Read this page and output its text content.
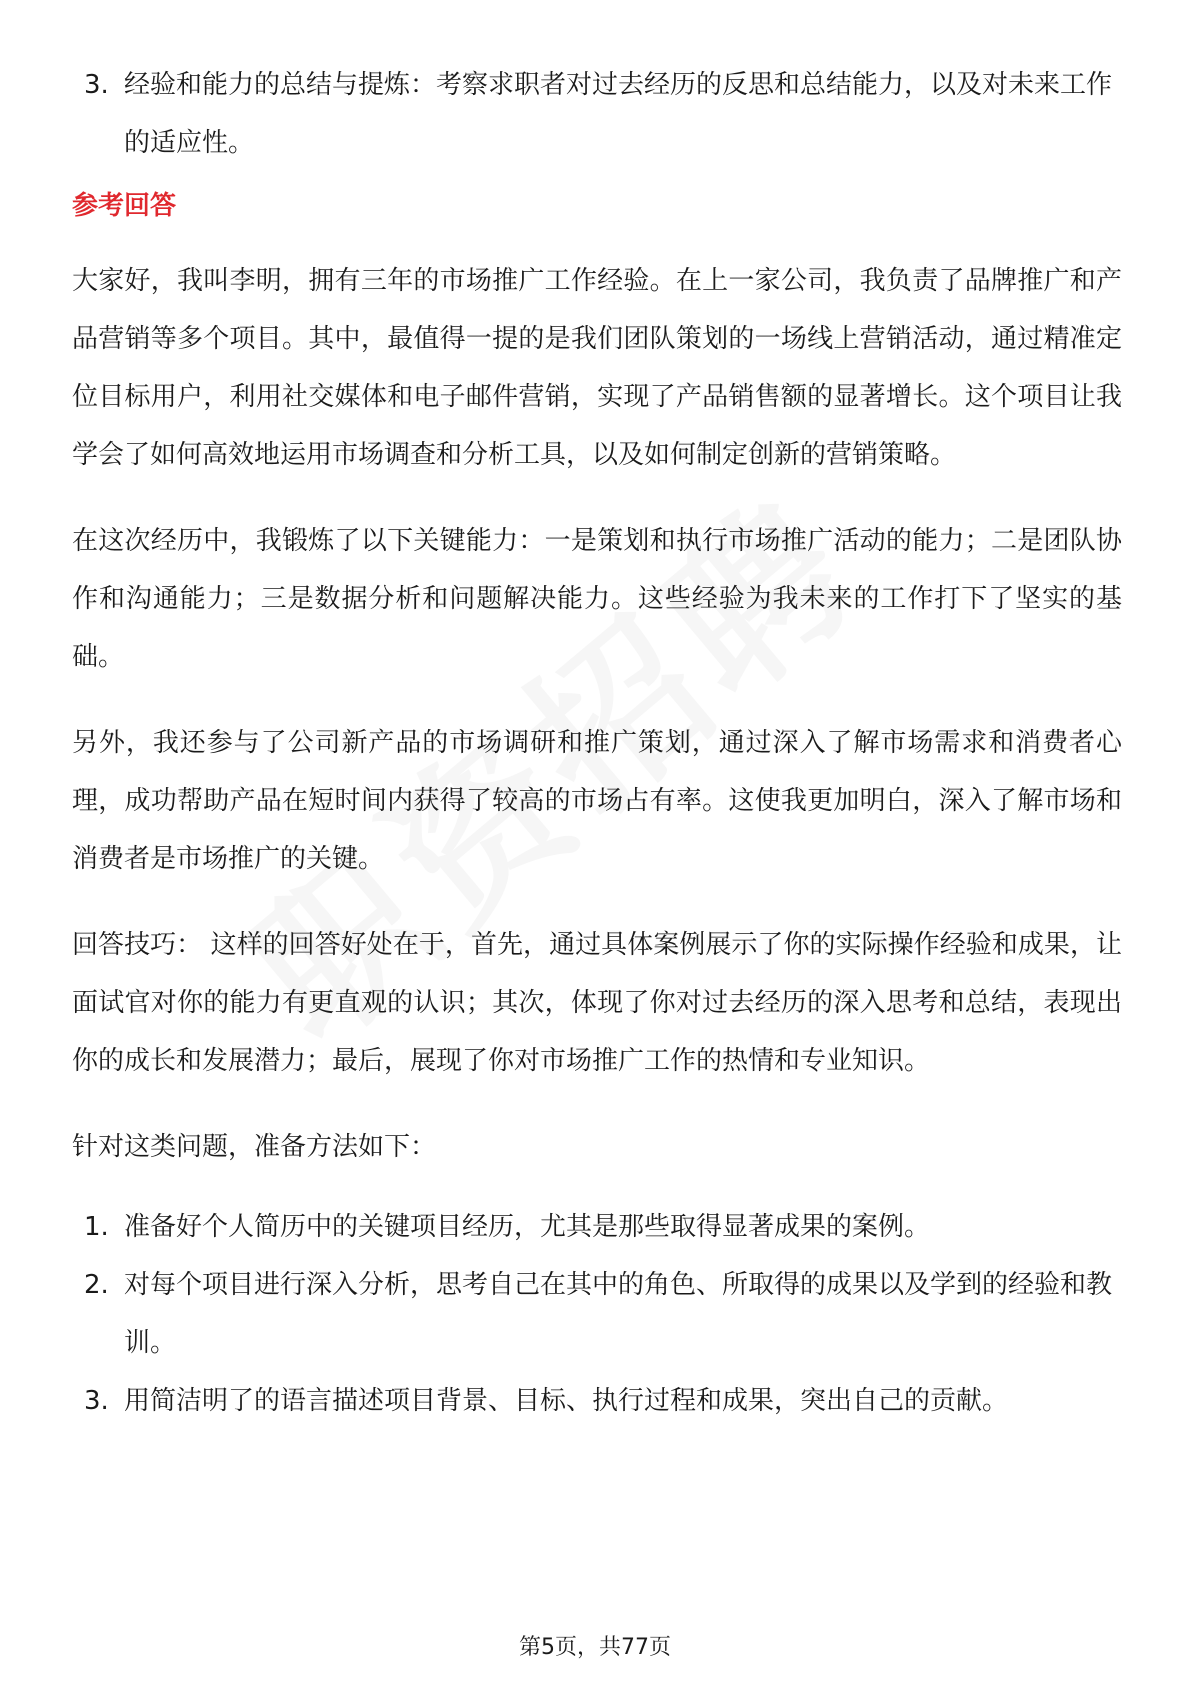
3. 经验和能力的总结与提炼：考察求职者对过去经历的反思和总结能力，以及对未来工作的适应性。
参考回答

大家好，我叫李明，拥有三年的市场推广工作经验。在上一家公司，我负责了品牌推广和产品营销等多个项目。其中，最值得一提的是我们团队策划的一场线上营销活动，通过精准定位目标用户，利用社交媒体和电子邮件营销，实现了产品销售额的显著增长。这个项目让我学会了如何高效地运用市场调查和分析工具，以及如何制定创新的营销策略。

在这次经历中，我锻炼了以下关键能力：一是策划和执行市场推广活动的能力；二是团队协作和沟通能力；三是数据分析和问题解决能力。这些经验为我未来的工作打下了坚实的基础。

另外，我还参与了公司新产品的市场调研和推广策划，通过深入了解市场需求和消费者心理，成功帮助产品在短时间内获得了较高的市场占有率。这使我更加明白，深入了解市场和消费者是市场推广的关键。

回答技巧： 这样的回答好处在于，首先，通过具体案例展示了你的实际操作经验和成果，让面试官对你的能力有更直观的认识；其次，体现了你对过去经历的深入思考和总结，表现出你的成长和发展潜力；最后，展现了你对市场推广工作的热情和专业知识。

针对这类问题，准备方法如下：

1. 准备好个人简历中的关键项目经历，尤其是那些取得显著成果的案例。
2. 对每个项目进行深入分析，思考自己在其中的角色、所取得的成果以及学到的经验和教训。
3. 用简洁明了的语言描述项目背景、目标、执行过程和成果，突出自己的贡献。
第5页，共77页
